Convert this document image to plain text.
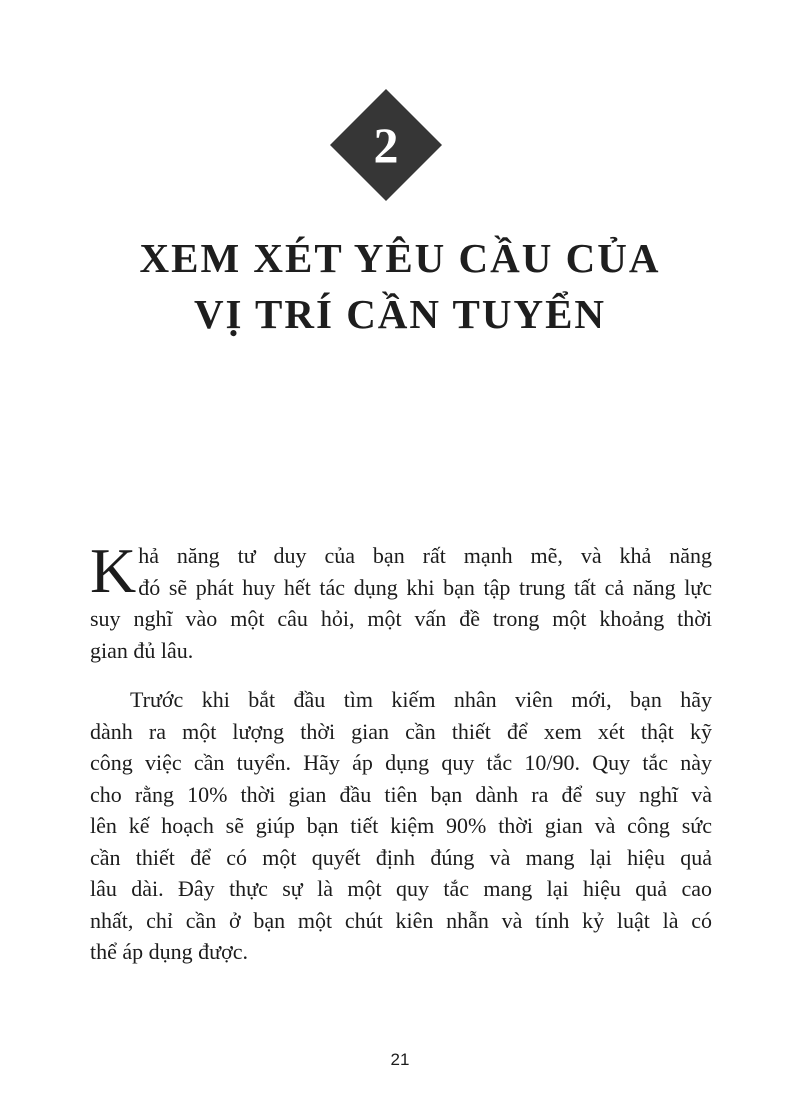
2
XEM XÉT YÊU CẦU CỦA
VỊ TRÍ CẦN TUYỂN
K hả năng tư duy của bạn rất mạnh mẽ, và khả năng
đó sẽ phát huy hết tác dụng khi bạn tập trung tất cả năng lực
suy nghĩ vào một câu hỏi, một vấn đề trong một khoảng thời
gian đủ lâu.
Trước khi bắt đầu tìm kiếm nhân viên mới, bạn hãy
dành ra một lượng thời gian cần thiết để xem xét thật kỹ
công việc cần tuyển. Hãy áp dụng quy tắc 10/90. Quy tắc này
cho rằng 10% thời gian đầu tiên bạn dành ra để suy nghĩ và
lên kế hoạch sẽ giúp bạn tiết kiệm 90% thời gian và công sức
cần thiết để có một quyết định đúng và mang lại hiệu quả
lâu dài. Đây thực sự là một quy tắc mang lại hiệu quả cao
nhất, chỉ cần ở bạn một chút kiên nhẫn và tính kỷ luật là có
thể áp dụng được.
21
